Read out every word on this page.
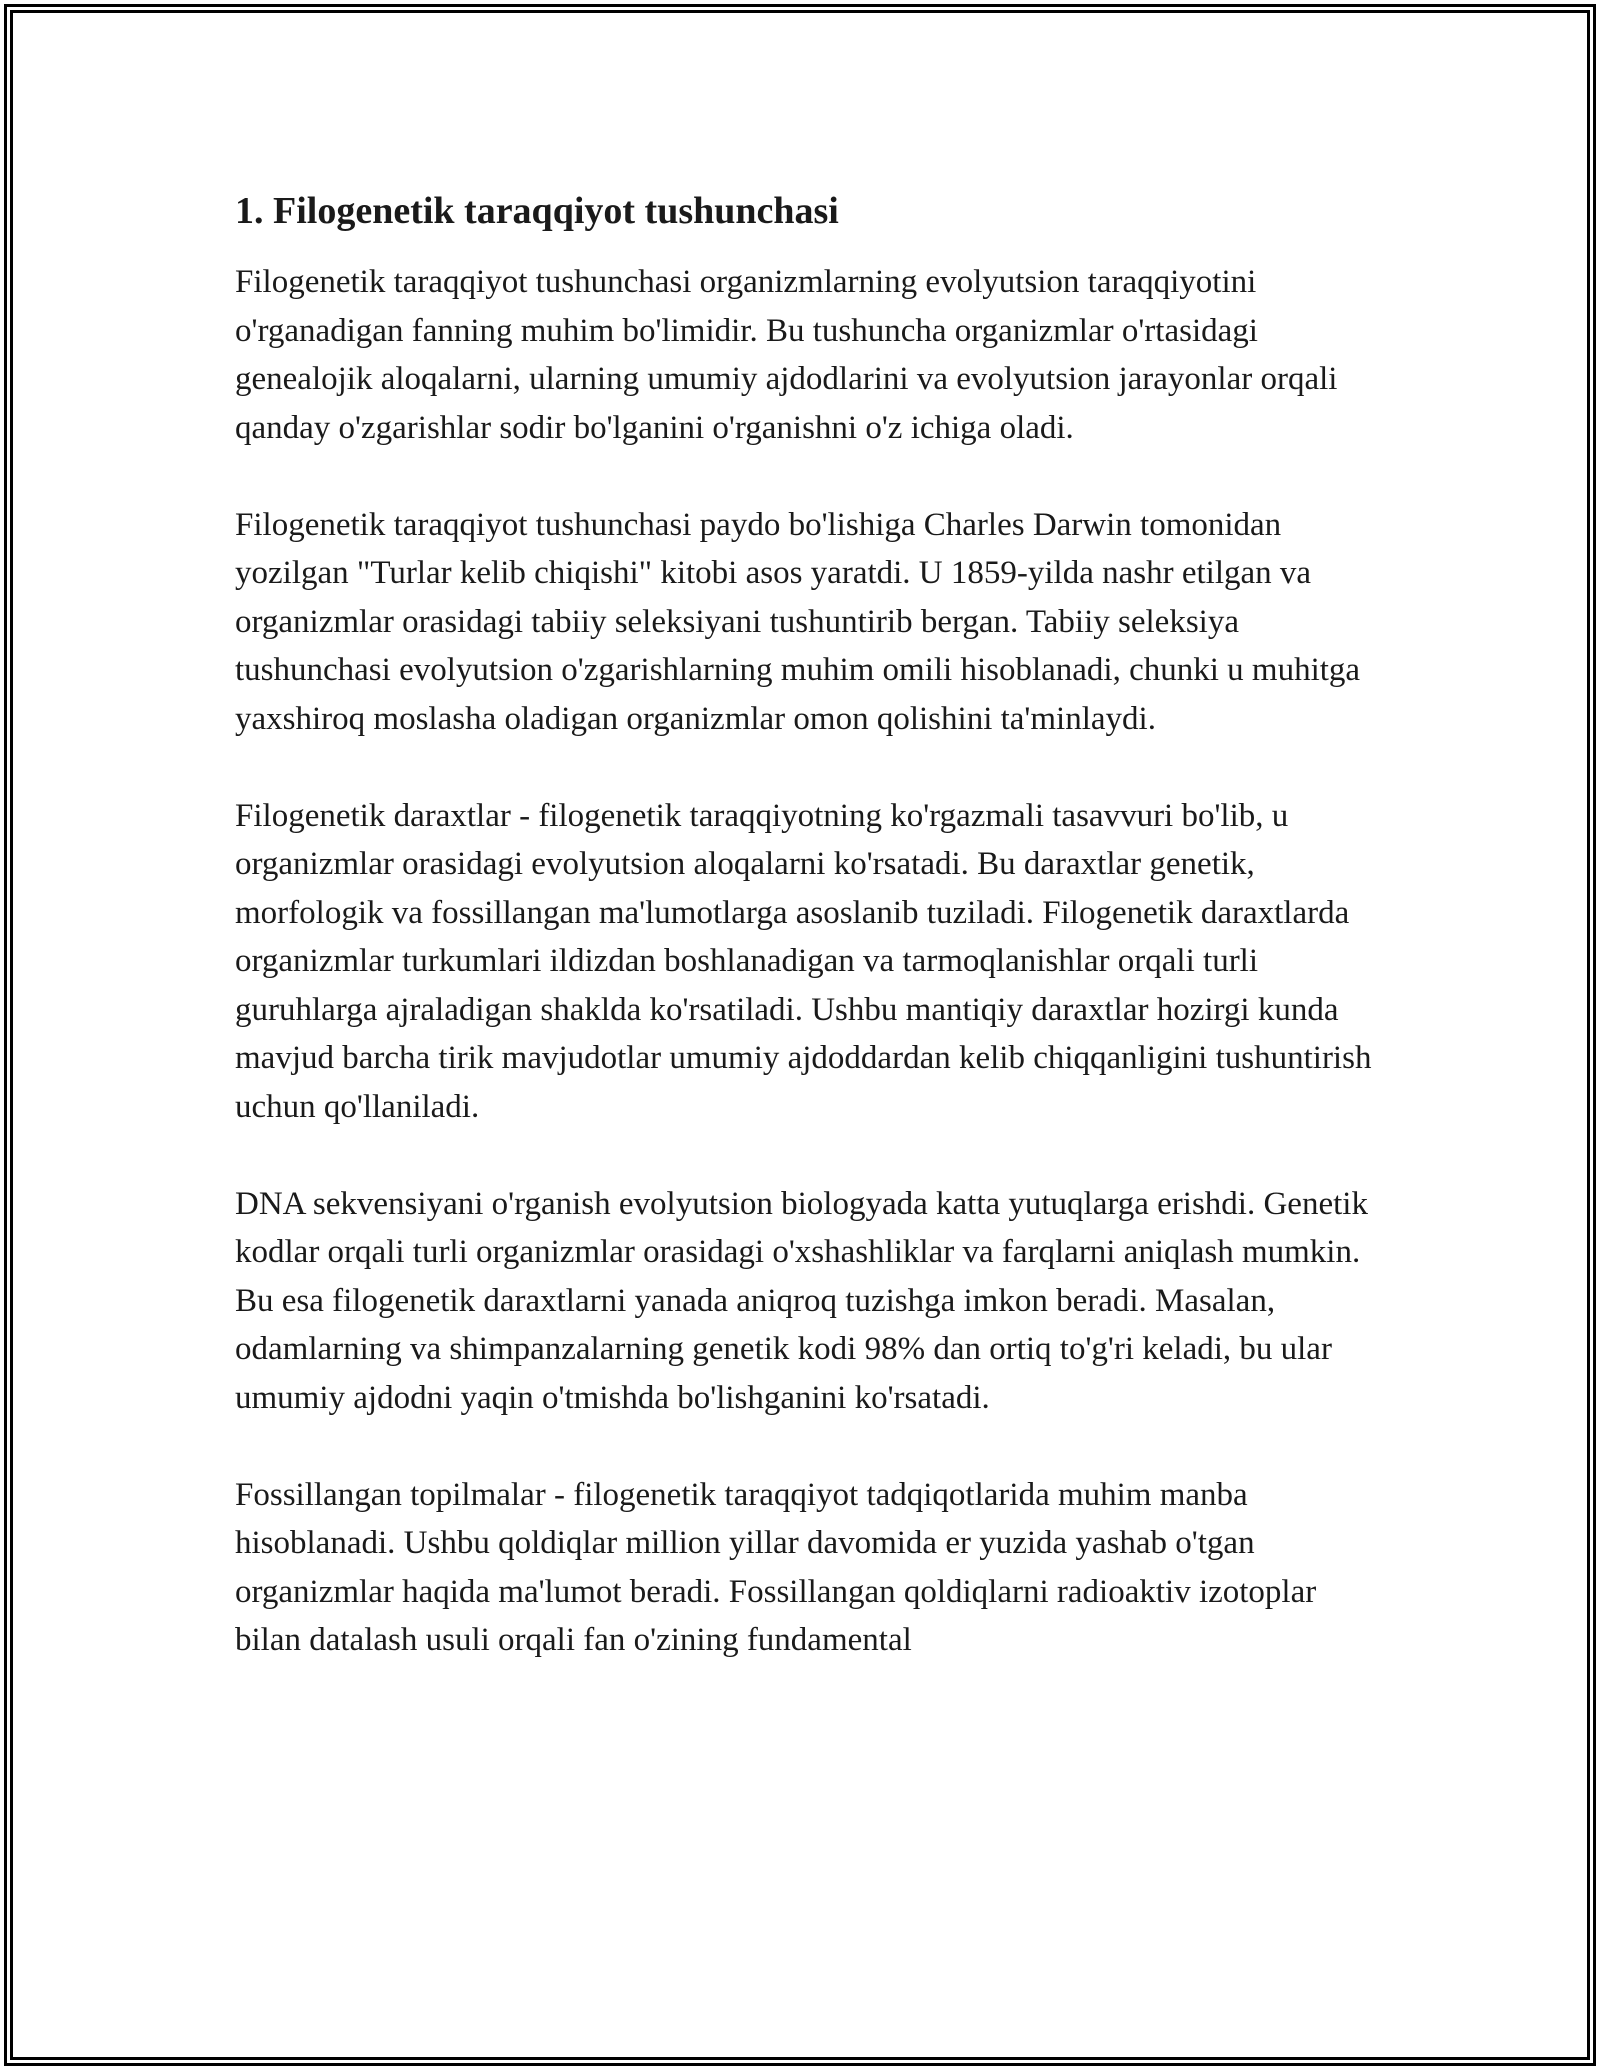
1. Filogenetik taraqqiyot tushunchasi

Filogenetik taraqqiyot tushunchasi organizmlarning evolyutsion taraqqiyotini o'rganadigan fanning muhim bo'limidir. Bu tushuncha organizmlar o'rtasidagi genealojik aloqalarni, ularning umumiy ajdodlarini va evolyutsion jarayonlar orqali qanday o'zgarishlar sodir bo'lganini o'rganishni o'z ichiga oladi.

Filogenetik taraqqiyot tushunchasi paydo bo'lishiga Charles Darwin tomonidan yozilgan "Turlar kelib chiqishi" kitobi asos yaratdi. U 1859-yilda nashr etilgan va organizmlar orasidagi tabiiy seleksiyani tushuntirib bergan. Tabiiy seleksiya tushunchasi evolyutsion o'zgarishlarning muhim omili hisoblanadi, chunki u muhitga yaxshiroq moslasha oladigan organizmlar omon qolishini ta'minlaydi.

Filogenetik daraxtlar - filogenetik taraqqiyotning ko'rgazmali tasavvuri bo'lib, u organizmlar orasidagi evolyutsion aloqalarni ko'rsatadi. Bu daraxtlar genetik, morfologik va fossillangan ma'lumotlarga asoslanib tuziladi. Filogenetik daraxtlarda organizmlar turkumlari ildizdan boshlanadigan va tarmoqlanishlar orqali turli guruhlarga ajraladigan shaklda ko'rsatiladi. Ushbu mantiqiy daraxtlar hozirgi kunda mavjud barcha tirik mavjudotlar umumiy ajdoddardan kelib chiqqanligini tushuntirish uchun qo'llaniladi.

DNA sekvensiyani o'rganish evolyutsion biologyada katta yutuqlarga erishdi. Genetik kodlar orqali turli organizmlar orasidagi o'xshashliklar va farqlarni aniqlash mumkin. Bu esa filogenetik daraxtlarni yanada aniqroq tuzishga imkon beradi. Masalan, odamlarning va shimpanzalarning genetik kodi 98% dan ortiq to'g'ri keladi, bu ular umumiy ajdodni yaqin o'tmishda bo'lishganini ko'rsatadi.

Fossillangan topilmalar - filogenetik taraqqiyot tadqiqotlarida muhim manba hisoblanadi. Ushbu qoldiqlar million yillar davomida er yuzida yashab o'tgan organizmlar haqida ma'lumot beradi. Fossillangan qoldiqlarni radioaktiv izotoplar bilan datalash usuli orqali fan o'zining fundamental
